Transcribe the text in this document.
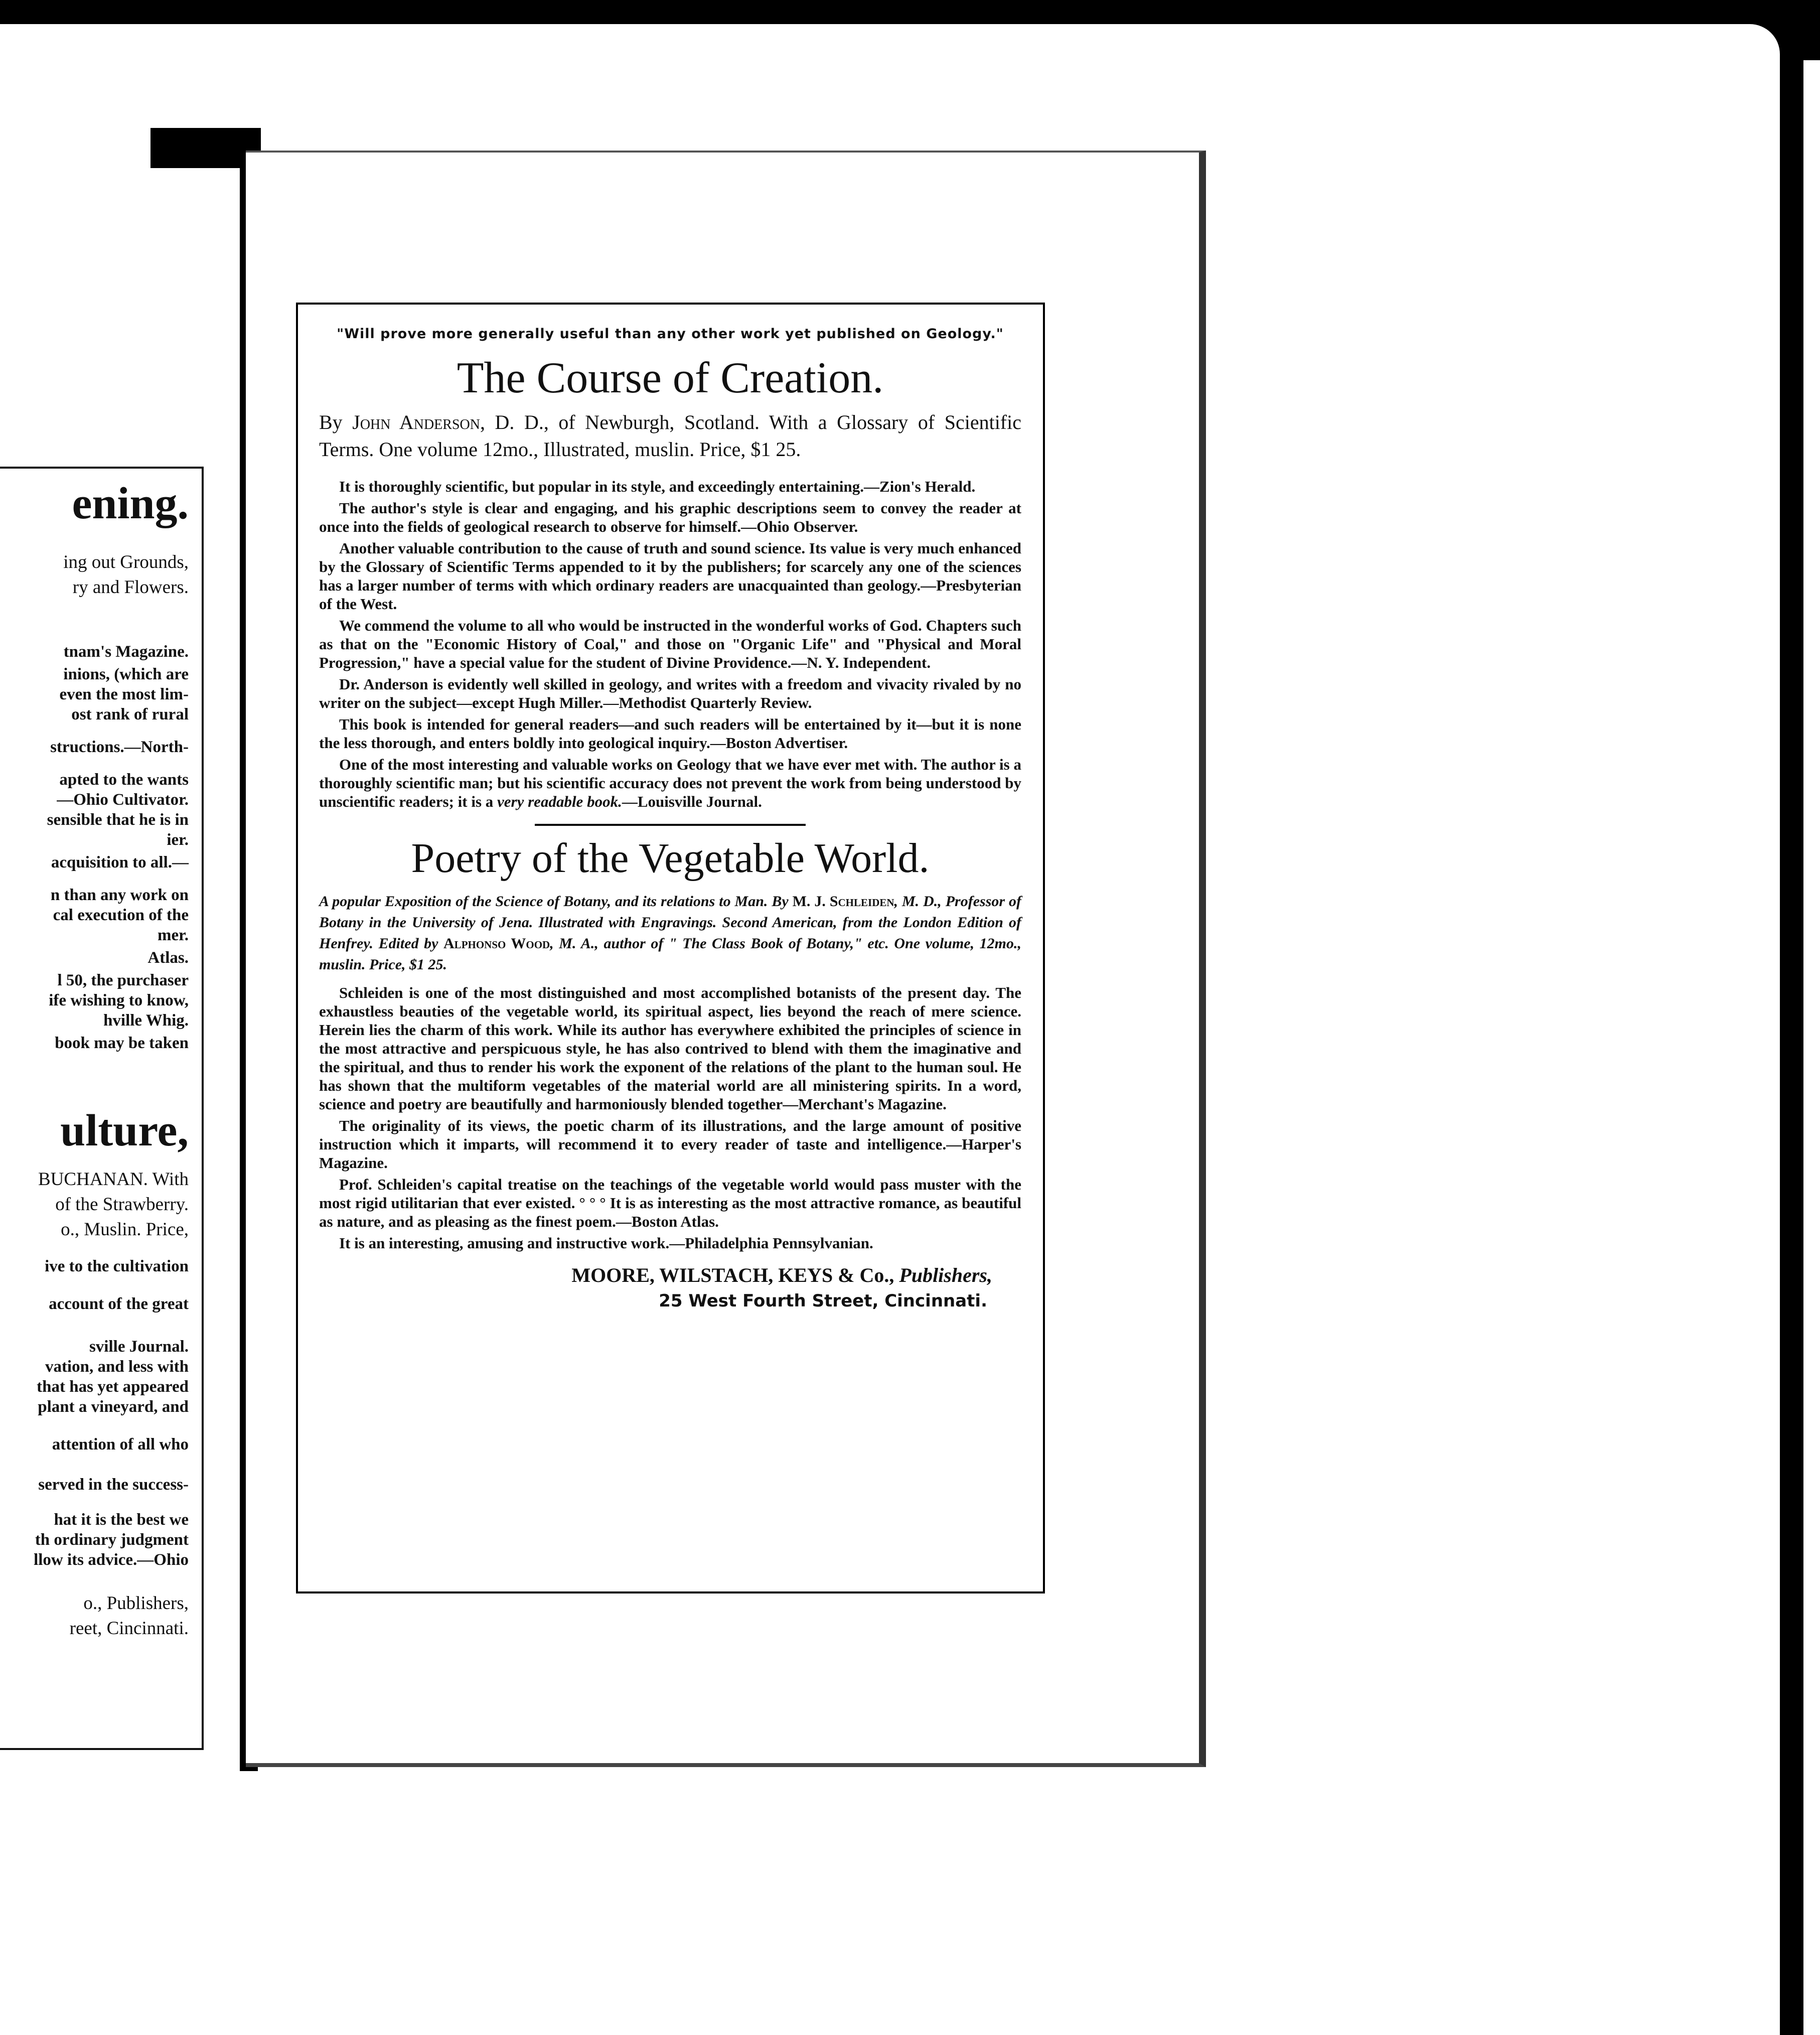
ening.
ing out Grounds,
ry and Flowers.
tnam's Magazine.
inions, (which are
even the most lim-
ost rank of rural
structions.—North-
apted to the wants
—Ohio Cultivator.
sensible that he is in
ier.
acquisition to all.—
n than any work on
cal execution of the
mer.
Atlas.
l 50, the purchaser
ife wishing to know,
hville Whig.
book may be taken
ulture,
BUCHANAN. With
of the Strawberry.
o., Muslin. Price,
ive to the cultivation
account of the great
sville Journal.
vation, and less with
that has yet appeared
plant a vineyard, and
attention of all who
served in the success-
hat it is the best we
th ordinary judgment
llow its advice.—Ohio
o., Publishers,
reet, Cincinnati.
"Will prove more generally useful than any other work yet published on Geology."
The Course of Creation.
By John Anderson, D. D., of Newburgh, Scotland. With a Glossary of Scientific Terms. One volume 12mo., Illustrated, muslin. Price, $1 25.

It is thoroughly scientific, but popular in its style, and exceedingly entertaining.—Zion's Herald.

The author's style is clear and engaging, and his graphic descriptions seem to convey the reader at once into the fields of geological research to observe for himself.—Ohio Observer.

Another valuable contribution to the cause of truth and sound science. Its value is very much enhanced by the Glossary of Scientific Terms appended to it by the publishers; for scarcely any one of the sciences has a larger number of terms with which ordinary readers are unacquainted than geology.—Presbyterian of the West.

We commend the volume to all who would be instructed in the wonderful works of God. Chapters such as that on the "Economic History of Coal," and those on "Organic Life" and "Physical and Moral Progression," have a special value for the student of Divine Providence.—N. Y. Independent.

Dr. Anderson is evidently well skilled in geology, and writes with a freedom and vivacity rivaled by no writer on the subject—except Hugh Miller.—Methodist Quarterly Review.

This book is intended for general readers—and such readers will be entertained by it—but it is none the less thorough, and enters boldly into geological inquiry.—Boston Advertiser.

One of the most interesting and valuable works on Geology that we have ever met with. The author is a thoroughly scientific man; but his scientific accuracy does not prevent the work from being understood by unscientific readers; it is a very readable book.—Louisville Journal.

Poetry of the Vegetable World.
A popular Exposition of the Science of Botany, and its relations to Man. By M. J. Schleiden, M. D., Professor of Botany in the University of Jena. Illustrated with Engravings. Second American, from the London Edition of Henfrey. Edited by Alphonso Wood, M. A., author of " The Class Book of Botany," etc. One volume, 12mo., muslin. Price, $1 25.

Schleiden is one of the most distinguished and most accomplished botanists of the present day. The exhaustless beauties of the vegetable world, its spiritual aspect, lies beyond the reach of mere science. Herein lies the charm of this work. While its author has everywhere exhibited the principles of science in the most attractive and perspicuous style, he has also contrived to blend with them the imaginative and the spiritual, and thus to render his work the exponent of the relations of the plant to the human soul. He has shown that the multiform vegetables of the material world are all ministering spirits. In a word, science and poetry are beautifully and harmoniously blended together—Merchant's Magazine.

The originality of its views, the poetic charm of its illustrations, and the large amount of positive instruction which it imparts, will recommend it to every reader of taste and intelligence.—Harper's Magazine.

Prof. Schleiden's capital treatise on the teachings of the vegetable world would pass muster with the most rigid utilitarian that ever existed. ° ° ° It is as interesting as the most attractive romance, as beautiful as nature, and as pleasing as the finest poem.—Boston Atlas.

It is an interesting, amusing and instructive work.—Philadelphia Pennsylvanian.

MOORE, WILSTACH, KEYS & Co., Publishers,
25 West Fourth Street, Cincinnati.
